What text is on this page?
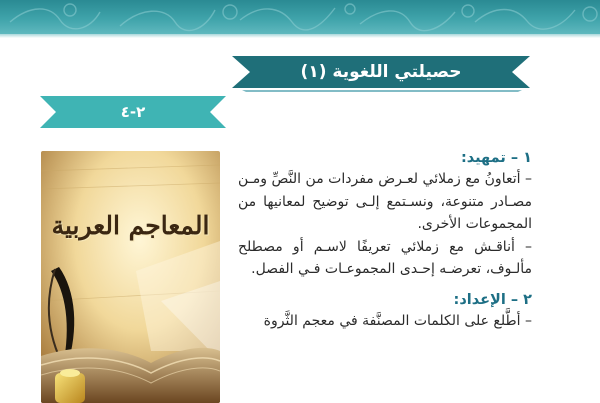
حصيلتي اللغوية (١)
٢-٤
المعاجم العربية
١ – تمهيد:
– أتعاونُ مع زملائي لعـرض مفردات من النَّصِّ ومـن مصـادر متنوعة، ونسـتمع إلـى توضيح لمعانيها من المجموعات الأخرى.
– أناقـش مع زملائي تعريفًا لاسـم أو مصطلح مألـوف، تعرضـه إحـدى المجموعـات فـي الفصل.
٢ – الإعداد:
– أطَّلع على الكلمات المصنَّفة في معجم الثَّروة
